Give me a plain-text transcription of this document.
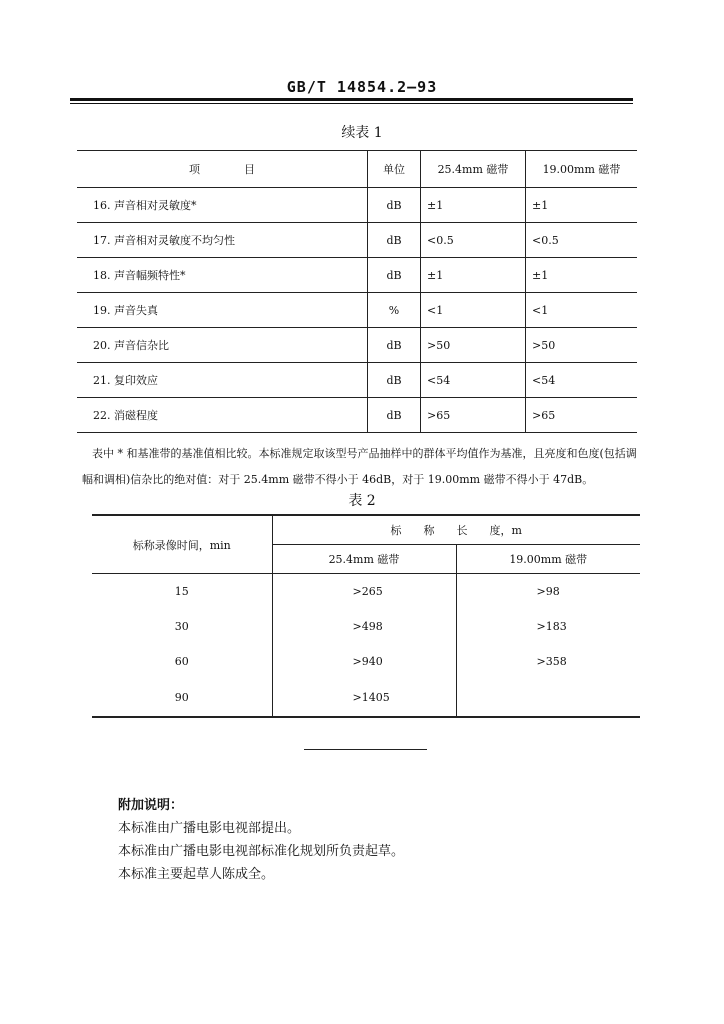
GB/T 14854.2—93
续表 1
项　　　　目	单位	25.4mm 磁带	19.00mm 磁带
16. 声音相对灵敏度*	dB	±1	±1
17. 声音相对灵敏度不均匀性	dB	<0.5	<0.5
18. 声音幅频特性*	dB	±1	±1
19. 声音失真	%	<1	<1
20. 声音信杂比	dB	>50	>50
21. 复印效应	dB	<54	<54
22. 消磁程度	dB	>65	>65
表中 * 和基准带的基准值相比较。本标准规定取该型号产品抽样中的群体平均值作为基准，且亮度和色度(包括调
幅和调相)信杂比的绝对值：对于 25.4mm 磁带不得小于 46dB，对于 19.00mm 磁带不得小于 47dB。
表 2
标称录像时间，min	标　　称　　长　　度，m	
	25.4mm 磁带	19.00mm 磁带
15	>265	>98
30	>498	>183
60	>940	>358
90	>1405	
附加说明：
本标准由广播电影电视部提出。
本标准由广播电影电视部标准化规划所负责起草。
本标准主要起草人陈成全。
